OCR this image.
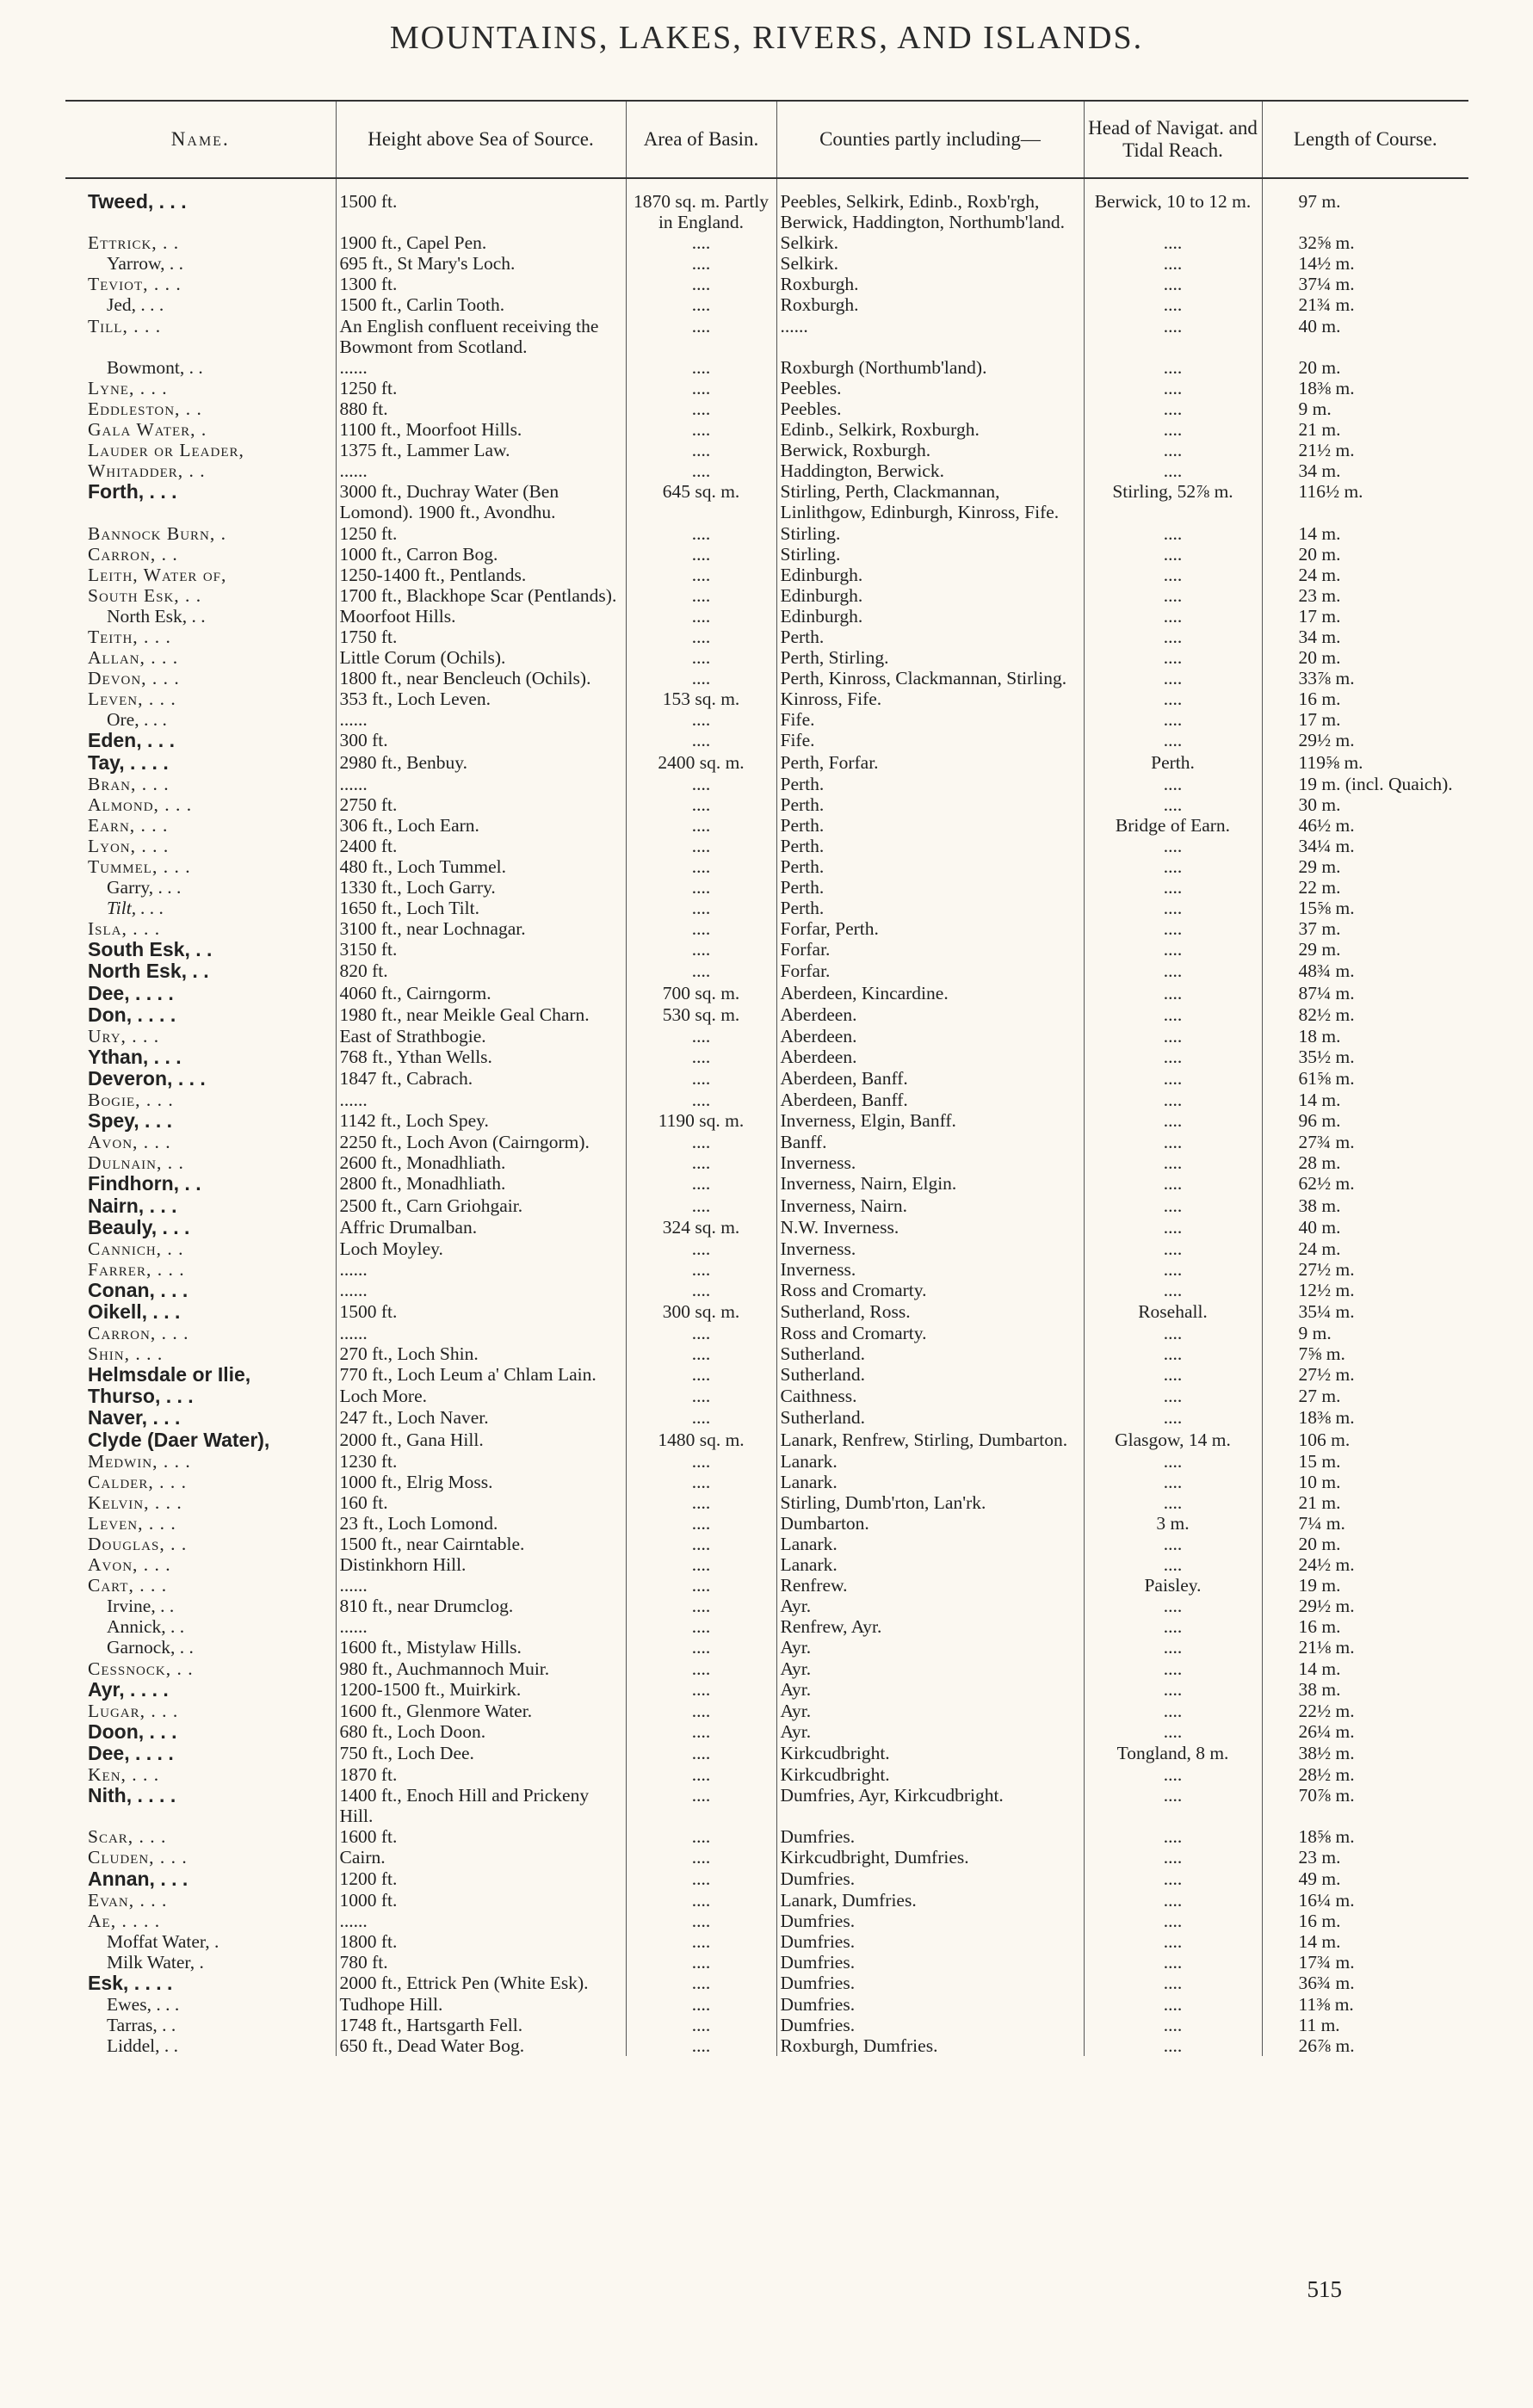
MOUNTAINS, LAKES, RIVERS, AND ISLANDS.
Name.	Height above Sea of Source.	Area of Basin.	Counties partly including—	Head of Navigat. and Tidal Reach.	Length of Course.

Tweed, . . .	1500 ft.	1870 sq. m. Partly in England.	Peebles, Selkirk, Edinb., Roxb'rgh, Berwick, Haddington, Northumb'land.	Berwick, 10 to 12 m.	97 m.
Ettrick, . .	1900 ft., Capel Pen.	....	Selkirk.	....	32⅝ m.
Yarrow, . .	695 ft., St Mary's Loch.	....	Selkirk.	....	14½ m.
Teviot, . . .	1300 ft.	....	Roxburgh.	....	37¼ m.
Jed, . . .	1500 ft., Carlin Tooth.	....	Roxburgh.	....	21¾ m.
Till, . . .	An English confluent receiving the Bowmont from Scotland.	....	......	....	40 m.
Bowmont, . .	......	....	Roxburgh (Northumb'land).	....	20 m.
Lyne, . . .	1250 ft.	....	Peebles.	....	18⅜ m.
Eddleston, . .	880 ft.	....	Peebles.	....	9 m.
Gala Water, .	1100 ft., Moorfoot Hills.	....	Edinb., Selkirk, Roxburgh.	....	21 m.
Lauder or Leader,	1375 ft., Lammer Law.	....	Berwick, Roxburgh.	....	21½ m.
Whitadder, . .	......	....	Haddington, Berwick.	....	34 m.
Forth, . . .	3000 ft., Duchray Water (Ben Lomond). 1900 ft., Avondhu.	645 sq. m.	Stirling, Perth, Clackmannan, Linlithgow, Edinburgh, Kinross, Fife.	Stirling, 52⅞ m.	116½ m.
Bannock Burn, .	1250 ft.	....	Stirling.	....	14 m.
Carron, . .	1000 ft., Carron Bog.	....	Stirling.	....	20 m.
Leith, Water of,	1250-1400 ft., Pentlands.	....	Edinburgh.	....	24 m.
South Esk, . .	1700 ft., Blackhope Scar (Pentlands).	....	Edinburgh.	....	23 m.
North Esk, . .	Moorfoot Hills.	....	Edinburgh.	....	17 m.
Teith, . . .	1750 ft.	....	Perth.	....	34 m.
Allan, . . .	Little Corum (Ochils).	....	Perth, Stirling.	....	20 m.
Devon, . . .	1800 ft., near Bencleuch (Ochils).	....	Perth, Kinross, Clackmannan, Stirling.	....	33⅞ m.
Leven, . . .	353 ft., Loch Leven.	153 sq. m.	Kinross, Fife.	....	16 m.
Ore, . . .	......	....	Fife.	....	17 m.
Eden, . . .	300 ft.	....	Fife.	....	29½ m.
Tay, . . . .	2980 ft., Benbuy.	2400 sq. m.	Perth, Forfar.	Perth.	119⅝ m.
Bran, . . .	......	....	Perth.	....	19 m. (incl. Quaich).
Almond, . . .	2750 ft.	....	Perth.	....	30 m.
Earn, . . .	306 ft., Loch Earn.	....	Perth.	Bridge of Earn.	46½ m.
Lyon, . . .	2400 ft.	....	Perth.	....	34¼ m.
Tummel, . . .	480 ft., Loch Tummel.	....	Perth.	....	29 m.
Garry, . . .	1330 ft., Loch Garry.	....	Perth.	....	22 m.
Tilt, . . .	1650 ft., Loch Tilt.	....	Perth.	....	15⅝ m.
Isla, . . .	3100 ft., near Lochnagar.	....	Forfar, Perth.	....	37 m.
South Esk, . .	3150 ft.	....	Forfar.	....	29 m.
North Esk, . .	820 ft.	....	Forfar.	....	48¾ m.
Dee, . . . .	4060 ft., Cairngorm.	700 sq. m.	Aberdeen, Kincardine.	....	87¼ m.
Don, . . . .	1980 ft., near Meikle Geal Charn.	530 sq. m.	Aberdeen.	....	82½ m.
Ury, . . .	East of Strathbogie.	....	Aberdeen.	....	18 m.
Ythan, . . .	768 ft., Ythan Wells.	....	Aberdeen.	....	35½ m.
Deveron, . . .	1847 ft., Cabrach.	....	Aberdeen, Banff.	....	61⅝ m.
Bogie, . . .	......	....	Aberdeen, Banff.	....	14 m.
Spey, . . .	1142 ft., Loch Spey.	1190 sq. m.	Inverness, Elgin, Banff.	....	96 m.
Avon, . . .	2250 ft., Loch Avon (Cairngorm).	....	Banff.	....	27¾ m.
Dulnain, . .	2600 ft., Monadhliath.	....	Inverness.	....	28 m.
Findhorn, . .	2800 ft., Monadhliath.	....	Inverness, Nairn, Elgin.	....	62½ m.
Nairn, . . .	2500 ft., Carn Griohgair.	....	Inverness, Nairn.	....	38 m.
Beauly, . . .	Affric Drumalban.	324 sq. m.	N.W. Inverness.	....	40 m.
Cannich, . .	Loch Moyley.	....	Inverness.	....	24 m.
Farrer, . . .	......	....	Inverness.	....	27½ m.
Conan, . . .	......	....	Ross and Cromarty.	....	12½ m.
Oikell, . . .	1500 ft.	300 sq. m.	Sutherland, Ross.	Rosehall.	35¼ m.
Carron, . . .	......	....	Ross and Cromarty.	....	9 m.
Shin, . . .	270 ft., Loch Shin.	....	Sutherland.	....	7⅝ m.
Helmsdale or Ilie,	770 ft., Loch Leum a' Chlam Lain.	....	Sutherland.	....	27½ m.
Thurso, . . .	Loch More.	....	Caithness.	....	27 m.
Naver, . . .	247 ft., Loch Naver.	....	Sutherland.	....	18⅜ m.
Clyde (Daer Water),	2000 ft., Gana Hill.	1480 sq. m.	Lanark, Renfrew, Stirling, Dumbarton.	Glasgow, 14 m.	106 m.
Medwin, . . .	1230 ft.	....	Lanark.	....	15 m.
Calder, . . .	1000 ft., Elrig Moss.	....	Lanark.	....	10 m.
Kelvin, . . .	160 ft.	....	Stirling, Dumb'rton, Lan'rk.	....	21 m.
Leven, . . .	23 ft., Loch Lomond.	....	Dumbarton.	3 m.	7¼ m.
Douglas, . .	1500 ft., near Cairntable.	....	Lanark.	....	20 m.
Avon, . . .	Distinkhorn Hill.	....	Lanark.	....	24½ m.
Cart, . . .	......	....	Renfrew.	Paisley.	19 m.
Irvine, . .	810 ft., near Drumclog.	....	Ayr.	....	29½ m.
Annick, . .	......	....	Renfrew, Ayr.	....	16 m.
Garnock, . .	1600 ft., Mistylaw Hills.	....	Ayr.	....	21⅛ m.
Cessnock, . .	980 ft., Auchmannoch Muir.	....	Ayr.	....	14 m.
Ayr, . . . .	1200-1500 ft., Muirkirk.	....	Ayr.	....	38 m.
Lugar, . . .	1600 ft., Glenmore Water.	....	Ayr.	....	22½ m.
Doon, . . .	680 ft., Loch Doon.	....	Ayr.	....	26¼ m.
Dee, . . . .	750 ft., Loch Dee.	....	Kirkcudbright.	Tongland, 8 m.	38½ m.
Ken, . . .	1870 ft.	....	Kirkcudbright.	....	28½ m.
Nith, . . . .	1400 ft., Enoch Hill and Prickeny Hill.	....	Dumfries, Ayr, Kirkcudbright.	....	70⅞ m.
Scar, . . .	1600 ft.	....	Dumfries.	....	18⅝ m.
Cluden, . . .	Cairn.	....	Kirkcudbright, Dumfries.	....	23 m.
Annan, . . .	1200 ft.	....	Dumfries.	....	49 m.
Evan, . . .	1000 ft.	....	Lanark, Dumfries.	....	16¼ m.
Ae, . . . .	......	....	Dumfries.	....	16 m.
Moffat Water, .	1800 ft.	....	Dumfries.	....	14 m.
Milk Water, .	780 ft.	....	Dumfries.	....	17¾ m.
Esk, . . . .	2000 ft., Ettrick Pen (White Esk).	....	Dumfries.	....	36¾ m.
Ewes, . . .	Tudhope Hill.	....	Dumfries.	....	11⅜ m.
Tarras, . .	1748 ft., Hartsgarth Fell.	....	Dumfries.	....	11 m.
Liddel, . .	650 ft., Dead Water Bog.	....	Roxburgh, Dumfries.	....	26⅞ m.
515
